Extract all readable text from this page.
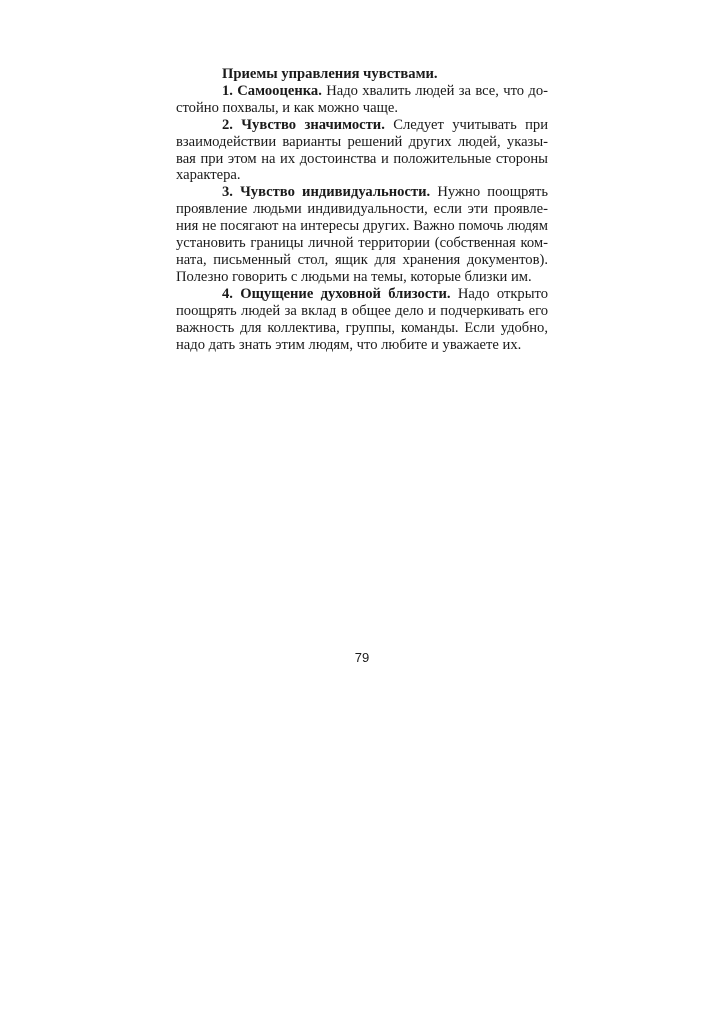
Приемы управления чувствами.

1. Самооценка. Надо хвалить людей за все, что достойно похвалы, и как можно чаще.

2. Чувство значимости. Следует учитывать при взаимодействии варианты решений других людей, указывая при этом на их достоинства и положительные стороны характера.

3. Чувство индивидуальности. Нужно поощрять проявление людьми индивидуальности, если эти проявления не посягают на интересы других. Важно помочь людям установить границы личной территории (собственная комната, письменный стол, ящик для хранения документов). Полезно говорить с людьми на темы, которые близки им.

4. Ощущение духовной близости. Надо открыто поощрять людей за вклад в общее дело и подчеркивать его важность для коллектива, группы, команды. Если удобно, надо дать знать этим людям, что любите и уважаете их.

79
